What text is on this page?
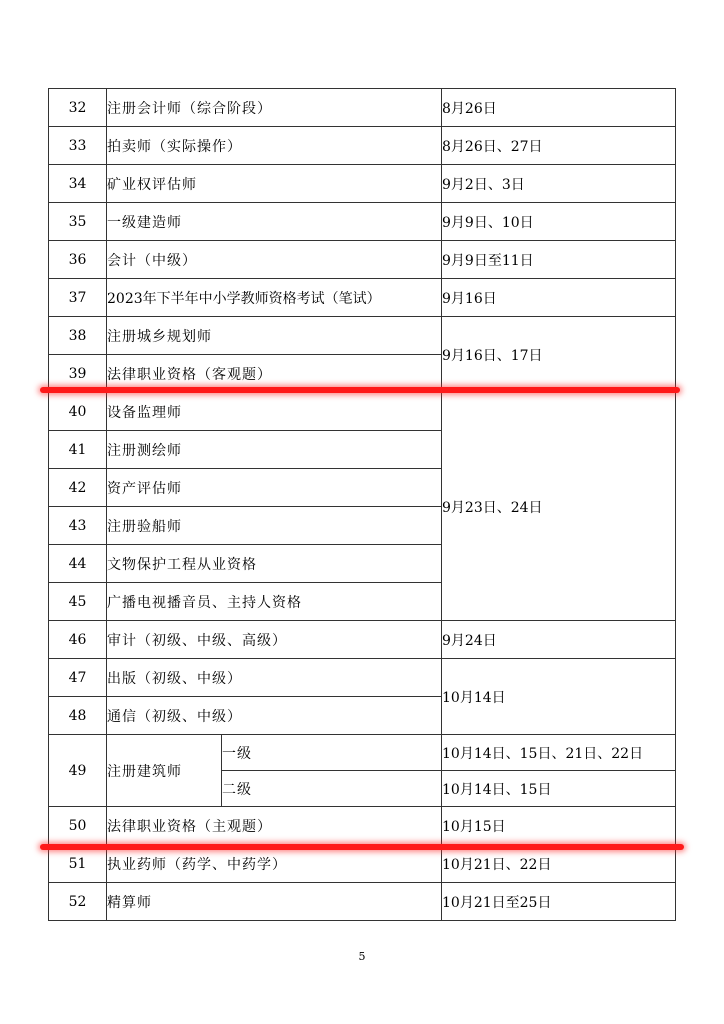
32	注册会计师（综合阶段）		8月26日
33	拍卖师（实际操作）		8月26日、27日
34	矿业权评估师		9月2日、3日
35	一级建造师		9月9日、10日
36	会计（中级）		9月9日至11日
37	2023年下半年中小学教师资格考试（笔试）		9月16日
38	注册城乡规划师		9月16日、17日
39	法律职业资格（客观题）		
40	设备监理师		9月23日、24日
41	注册测绘师		
42	资产评估师		
43	注册验船师		
44	文物保护工程从业资格		
45	广播电视播音员、主持人资格		
46	审计（初级、中级、高级）		9月24日
47	出版（初级、中级）		10月14日
48	通信（初级、中级）		
49	注册建筑师	一级	10月14日、15日、21日、22日
		二级	10月14日、15日
50	法律职业资格（主观题）		10月15日
51	执业药师（药学、中药学）		10月21日、22日
52	精算师		10月21日至25日
5
